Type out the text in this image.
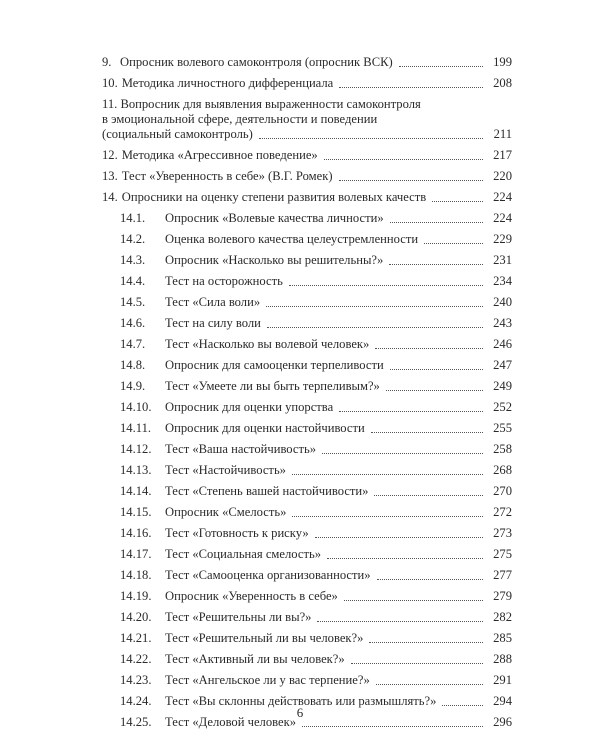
9. Опросник волевого самоконтроля (опросник ВСК)	199
10. Методика личностного дифференциала	208
11. Вопросник для выявления выраженности самоконтроля
в эмоциональной сфере, деятельности и поведении
(социальный самоконтроль)	211
12. Методика «Агрессивное поведение»	217
13. Тест «Уверенность в себе» (В.Г. Ромек)	220
14. Опросники на оценку степени развития волевых качеств	224
14.1.	Опросник «Волевые качества личности»	224
14.2.	Оценка волевого качества целеустремленности	229
14.3.	Опросник «Насколько вы решительны?»	231
14.4.	Тест на осторожность	234
14.5.	Тест «Сила воли»	240
14.6.	Тест на силу воли	243
14.7.	Тест «Насколько вы волевой человек»	246
14.8.	Опросник для самооценки терпеливости	247
14.9.	Тест «Умеете ли вы быть терпеливым?»	249
14.10.	Опросник для оценки упорства	252
14.11.	Опросник для оценки настойчивости	255
14.12.	Тест «Ваша настойчивость»	258
14.13.	Тест «Настойчивость»	268
14.14.	Тест «Степень вашей настойчивости»	270
14.15.	Опросник «Смелость»	272
14.16.	Тест «Готовность к риску»	273
14.17.	Тест «Социальная смелость»	275
14.18.	Тест «Самооценка организованности»	277
14.19.	Опросник «Уверенность в себе»	279
14.20.	Тест «Решительны ли вы?»	282
14.21.	Тест «Решительный ли вы человек?»	285
14.22.	Тест «Активный ли вы человек?»	288
14.23.	Тест «Ангельское ли у вас терпение?»	291
14.24.	Тест «Вы склонны действовать или размышлять?»	294
14.25.	Тест «Деловой человек»	296
6
